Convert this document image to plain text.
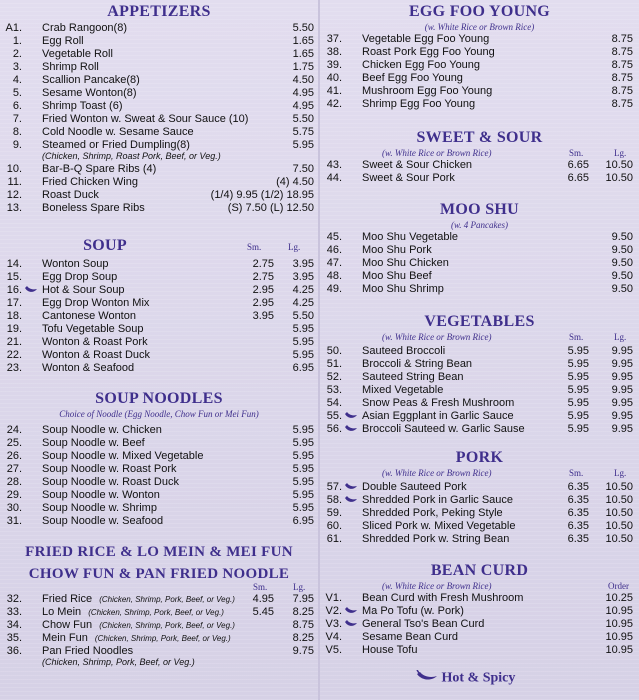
APPETIZERS
A1. Crab Rangoon(8)	5.50
1. Egg Roll	1.65
2. Vegetable Roll	1.65
3. Shrimp Roll	1.75
4. Scallion Pancake(8)	4.50
5. Sesame Wonton(8)	4.95
6. Shrimp Toast (6)	4.95
7. Fried Wonton w. Sweat & Sour Sauce (10)	5.50
8. Cold Noodle w. Sesame Sauce	5.75
9. Steamed or Fried Dumpling(8)	5.95
(Chicken, Shrimp, Roast Pork, Beef, or Veg.)
10. Bar-B-Q Spare Ribs (4)	7.50
11. Fried Chicken Wing	(4) 4.50
12. Roast Duck	(1/4) 9.95 (1/2) 18.95
13. Boneless Spare Ribs	(S) 7.50 (L) 12.50
SOUP	Sm.	Lg.
14. Wonton Soup	2.75 3.95
15. Egg Drop Soup	2.75 3.95
16. Hot & Sour Soup	2.95 4.25
17. Egg Drop Wonton Mix	2.95 4.25
18. Cantonese Wonton	3.95 5.50
19. Tofu Vegetable Soup	5.95
21. Wonton & Roast Pork	5.95
22. Wonton & Roast Duck	5.95
23. Wonton & Seafood	6.95
SOUP NOODLES
Choice of Noodle (Egg Noodle, Chow Fun or Mei Fun)
24. Soup Noodle w. Chicken	5.95
25. Soup Noodle w. Beef	5.95
26. Soup Noodle w. Mixed Vegetable	5.95
27. Soup Noodle w. Roast Pork	5.95
28. Soup Noodle w. Roast Duck	5.95
29. Soup Noodle w. Wonton	5.95
30. Soup Noodle w. Shrimp	5.95
31. Soup Noodle w. Seafood	6.95
FRIED RICE & LO MEIN & MEI FUN
CHOW FUN & PAN FRIED NOODLE
Sm.	Lg.
32. Fried Rice (Chicken, Shrimp, Pork, Beef, or Veg.) 4.95 7.95
33. Lo Mein (Chicken, Shrimp, Pork, Beef, or Veg.)	5.45 8.25
34. Chow Fun (Chicken, Shrimp, Pork, Beef, or Veg.)	8.75
35. Mein Fun (Chicken, Shrimp, Pork, Beef, or Veg.)	8.25
36. Pan Fried Noodles	9.75
(Chicken, Shrimp, Pork, Beef, or Veg.)
EGG FOO YOUNG
(w. White Rice or Brown Rice)
37. Vegetable Egg Foo Young	8.75
38. Roast Pork Egg Foo Young	8.75
39. Chicken Egg Foo Young	8.75
40. Beef Egg Foo Young	8.75
41. Mushroom Egg Foo Young	8.75
42. Shrimp Egg Foo Young	8.75
SWEET & SOUR
(w. White Rice or Brown Rice)	Sm.	Lg.
43. Sweet & Sour Chicken	6.65 10.50
44. Sweet & Sour Pork	6.65 10.50
MOO SHU
(w. 4 Pancakes)
45. Moo Shu Vegetable	9.50
46. Moo Shu Pork	9.50
47. Moo Shu Chicken	9.50
48. Moo Shu Beef	9.50
49. Moo Shu Shrimp	9.50
VEGETABLES
(w. White Rice or Brown Rice)	Sm.	Lg.
50. Sauteed Broccoli	5.95 9.95
51. Broccoli & String Bean	5.95 9.95
52. Sauteed String Bean	5.95 9.95
53. Mixed Vegetable	5.95 9.95
54. Snow Peas & Fresh Mushroom	5.95 9.95
55. Asian Eggplant in Garlic Sauce	5.95 9.95
56. Broccoli Sauteed w. Garlic Sause	5.95 9.95
PORK
(w. White Rice or Brown Rice)	Sm.	Lg.
57. Double Sauteed Pork	6.35 10.50
58. Shredded Pork in Garlic Sauce	6.35 10.50
59. Shredded Pork, Peking Style	6.35 10.50
60. Sliced Pork w. Mixed Vegetable	6.35 10.50
61. Shredded Pork w. String Bean	6.35 10.50
BEAN CURD
(w. White Rice or Brown Rice)	Order
V1. Bean Curd with Fresh Mushroom	10.25
V2. Ma Po Tofu (w. Pork)	10.95
V3. General Tso's Bean Curd	10.95
V4. Sesame Bean Curd	10.95
V5. House Tofu	10.95
Hot & Spicy
